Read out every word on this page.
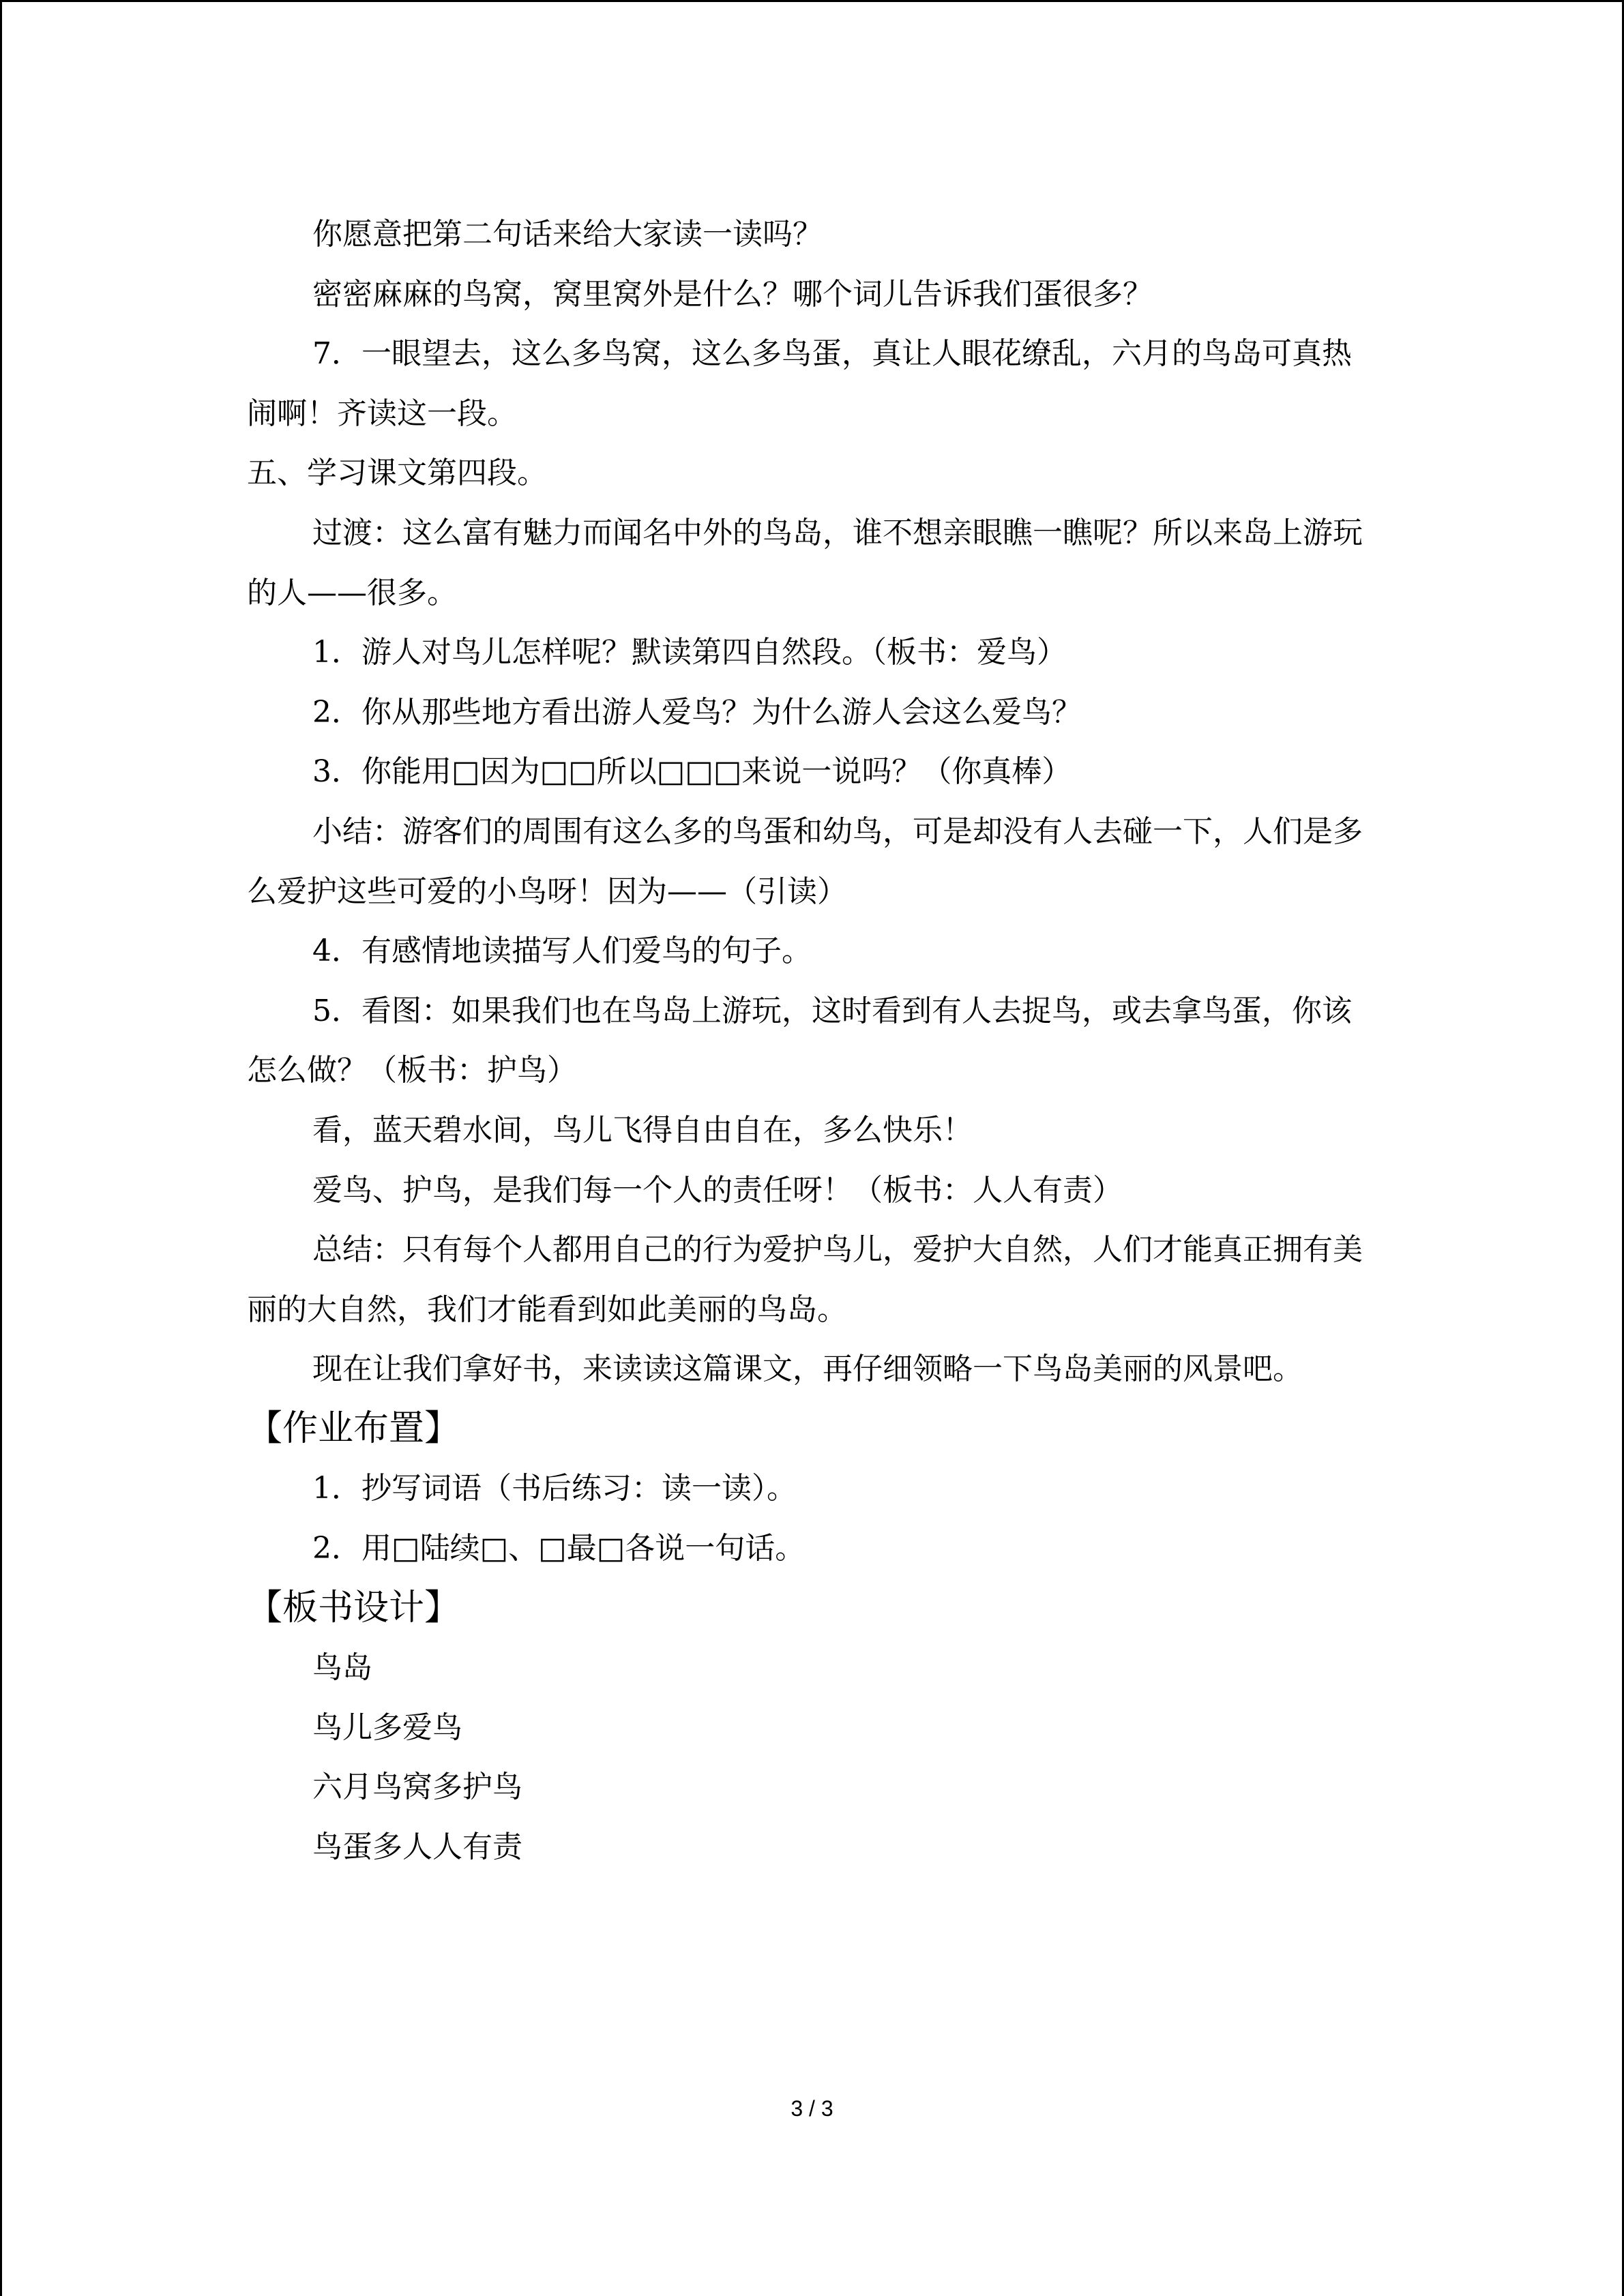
你愿意把第二句话来给大家读一读吗？

密密麻麻的鸟窝，窝里窝外是什么？哪个词儿告诉我们蛋很多？

7．一眼望去，这么多鸟窝，这么多鸟蛋，真让人眼花缭乱，六月的鸟岛可真热闹啊！齐读这一段。

五、学习课文第四段。

过渡：这么富有魅力而闻名中外的鸟岛，谁不想亲眼瞧一瞧呢？所以来岛上游玩的人——很多。

1．游人对鸟儿怎样呢？默读第四自然段。（板书：爱鸟）

2．你从那些地方看出游人爱鸟？为什么游人会这么爱鸟？

3．你能用□因为□□所以□□□来说一说吗？（你真棒）

小结：游客们的周围有这么多的鸟蛋和幼鸟，可是却没有人去碰一下，人们是多么爱护这些可爱的小鸟呀！因为——（引读）

4．有感情地读描写人们爱鸟的句子。

5．看图：如果我们也在鸟岛上游玩，这时看到有人去捉鸟，或去拿鸟蛋，你该怎么做？（板书：护鸟）

看，蓝天碧水间，鸟儿飞得自由自在，多么快乐！

爱鸟、护鸟，是我们每一个人的责任呀！（板书：人人有责）

总结：只有每个人都用自己的行为爱护鸟儿，爱护大自然，人们才能真正拥有美丽的大自然，我们才能看到如此美丽的鸟岛。

现在让我们拿好书，来读读这篇课文，再仔细领略一下鸟岛美丽的风景吧。

【作业布置】

1．抄写词语（书后练习：读一读）。

2．用□陆续□、□最□各说一句话。

【板书设计】

鸟岛

鸟儿多爱鸟

六月鸟窝多护鸟

鸟蛋多人人有责

3 / 3
